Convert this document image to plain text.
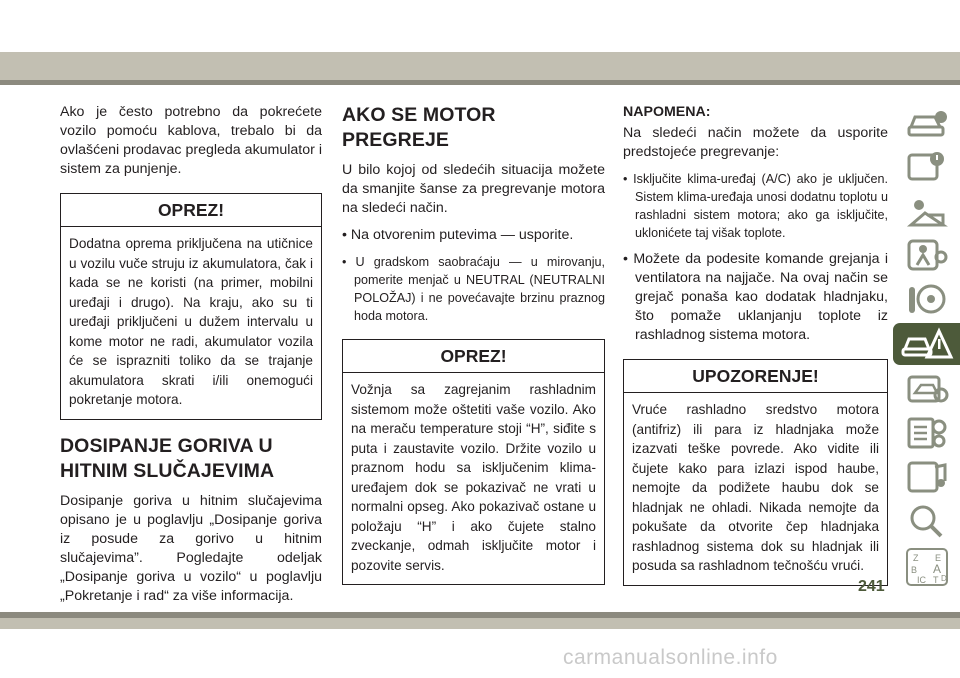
Ako je često potrebno da pokrećete vozilo pomoću kablova, trebalo bi da ovlašćeni prodavac pregleda akumulator i sistem za punjenje.

OPREZ!
Dodatna oprema priključena na utičnice u vozilu vuče struju iz akumulatora, čak i kada se ne koristi (na primer, mobilni uređaji i drugo). Na kraju, ako su ti uređaji priključeni u dužem intervalu u kome motor ne radi, akumulator vozila će se isprazniti toliko da se trajanje akumulatora skrati i/ili onemogući pokretanje motora.
DOSIPANJE GORIVA U HITNIM SLUČAJEVIMA

Dosipanje goriva u hitnim slučajevima opisano je u poglavlju „Dosipanje goriva iz posude za gorivo u hitnim slučajevima”. Pogledajte odeljak „Dosipanje goriva u vozilo“ u poglavlju „Pokretanje i rad“ za više informacija.

AKO SE MOTOR PREGREJE

U bilo kojoj od sledećih situacija možete da smanjite šanse za pregrevanje motora na sledeći način.

• Na otvorenim putevima — usporite.

• U gradskom saobraćaju — u mirovanju, pomerite menjač u NEUTRAL (NEUTRALNI POLOŽAJ) i ne povećavajte brzinu praznog hoda motora.

OPREZ!
Vožnja sa zagrejanim rashladnim sistemom može oštetiti vaše vozilo. Ako na meraču temperature stoji “H”, siđite s puta i zaustavite vozilo. Držite vozilo u praznom hodu sa isključenim klima-uređajem dok se pokazivač ne vrati u normalni opseg. Ako pokazivač ostane u položaju “H” i ako čujete stalno zveckanje, odmah isključite motor i pozovite servis.

NAPOMENA:

Na sledeći način možete da usporite predstojeće pregrevanje:

• Isključite klima-uređaj (A/C) ako je uključen. Sistem klima-uređaja unosi dodatnu toplotu u rashladni sistem motora; ako ga isključite, uklonićete taj višak toplote.

• Možete da podesite komande grejanja i ventilatora na najjače. Na ovaj način se grejač ponaša kao dodatak hladnjaku, što pomaže uklanjanju toplote iz rashladnog sistema motora.

UPOZORENJE!
Vruće rashladno sredstvo motora (antifriz) ili para iz hladnjaka može izazvati teške povrede. Ako vidite ili čujete kako para izlazi ispod haube, nemojte da podižete haubu dok se hladnjak ne ohladi. Nikada nemojte da pokušate da otvorite čep hladnjaka rashladnog sistema dok su hladnjak ili posuda sa rashladnom tečnošću vrući.	Z E
B A
IC T D
241
carmanualsonline.info
